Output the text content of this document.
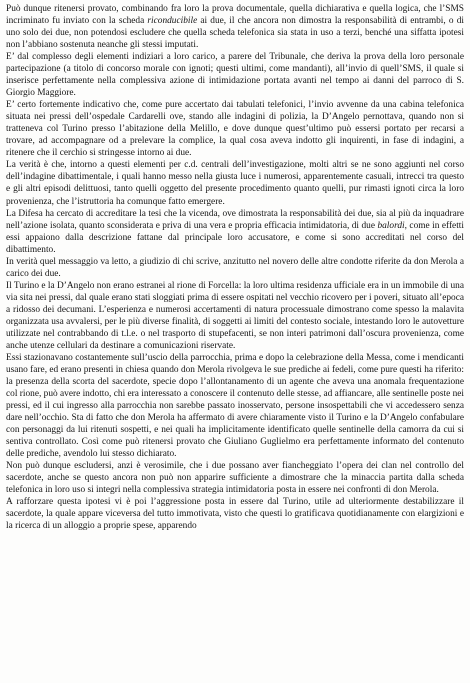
Può dunque ritenersi provato, combinando fra loro la prova documentale, quella dichiarativa e quella logica, che l’SMS incriminato fu inviato con la scheda riconducibile ai due, il che ancora non dimostra la responsabilità di entrambi, o di uno solo dei due, non potendosi escludere che quella scheda telefonica sia stata in uso a terzi, benché una siffatta ipotesi non l’abbiano sostenuta neanche gli stessi imputati.

E’ dal complesso degli elementi indiziari a loro carico, a parere del Tribunale, che deriva la prova della loro personale partecipazione (a titolo di concorso morale con ignoti; questi ultimi, come mandanti), all’invio di quell’SMS, il quale si inserisce perfettamente nella complessiva azione di intimidazione portata avanti nel tempo ai danni del parroco di S. Giorgio Maggiore.

E’ certo fortemente indicativo che, come pure accertato dai tabulati telefonici, l’invio avvenne da una cabina telefonica situata nei pressi dell’ospedale Cardarelli ove, stando alle indagini di polizia, la D’Angelo pernottava, quando non si tratteneva col Turino presso l’abitazione della Melillo, e dove dunque quest’ultimo può essersi portato per recarsi a trovare, ad accompagnare od a prelevare la complice, la qual cosa aveva indotto gli inquirenti, in fase di indagini, a ritenere che il cerchio si stringesse intorno ai due.

La verità è che, intorno a questi elementi per c.d. centrali dell’investigazione, molti altri se ne sono aggiunti nel corso dell’indagine dibattimentale, i quali hanno messo nella giusta luce i numerosi, apparentemente casuali, intrecci tra questo e gli altri episodi delittuosi, tanto quelli oggetto del presente procedimento quanto quelli, pur rimasti ignoti circa la loro provenienza, che l’istruttoria ha comunque fatto emergere.

La Difesa ha cercato di accreditare la tesi che la vicenda, ove dimostrata la responsabilità dei due, sia al più da inquadrare nell’azione isolata, quanto sconsiderata e priva di una vera e propria efficacia intimidatoria, di due balordi, come in effetti essi appaiono dalla descrizione fattane dal principale loro accusatore, e come si sono accreditati nel corso del dibattimento.

In verità quel messaggio va letto, a giudizio di chi scrive, anzitutto nel novero delle altre condotte riferite da don Merola a carico dei due.

Il Turino e la D’Angelo non erano estranei al rione di Forcella: la loro ultima residenza ufficiale era in un immobile di una via sita nei pressi, dal quale erano stati sloggiati prima di essere ospitati nel vecchio ricovero per i poveri, situato all’epoca a ridosso dei decumani. L’esperienza e numerosi accertamenti di natura processuale dimostrano come spesso la malavita organizzata usa avvalersi, per le più diverse finalità, di soggetti ai limiti del contesto sociale, intestando loro le autovetture utilizzate nel contrabbando di t.l.e. o nel trasporto di stupefacenti, se non interi patrimoni dall’oscura provenienza, come anche utenze cellulari da destinare a comunicazioni riservate.

Essi stazionavano costantemente sull’uscio della parrocchia, prima e dopo la celebrazione della Messa, come i mendicanti usano fare, ed erano presenti in chiesa quando don Merola rivolgeva le sue prediche ai fedeli, come pure questi ha riferito: la presenza della scorta del sacerdote, specie dopo l’allontanamento di un agente che aveva una anomala frequentazione col rione, può avere indotto, chi era interessato a conoscere il contenuto delle stesse, ad affiancare, alle sentinelle poste nei pressi, ed il cui ingresso alla parrocchia non sarebbe passato inosservato, persone insospettabili che vi accedessero senza dare nell’occhio. Sta di fatto che don Merola ha affermato di avere chiaramente visto il Turino e la D’Angelo confabulare con personaggi da lui ritenuti sospetti, e nei quali ha implicitamente identificato quelle sentinelle della camorra da cui si sentiva controllato. Così come può ritenersi provato che Giuliano Guglielmo era perfettamente informato del contenuto delle prediche, avendolo lui stesso dichiarato.

Non può dunque escludersi, anzi è verosimile, che i due possano aver fiancheggiato l’opera dei clan nel controllo del sacerdote, anche se questo ancora non può non apparire sufficiente a dimostrare che la minaccia partita dalla scheda telefonica in loro uso si integri nella complessiva strategia intimidatoria posta in essere nei confronti di don Merola.

A rafforzare questa ipotesi vi è poi l’aggressione posta in essere dal Turino, utile ad ulteriormente destabilizzare il sacerdote, la quale appare viceversa del tutto immotivata, visto che questi lo gratificava quotidianamente con elargizioni e la ricerca di un alloggio a proprie spese, apparendo
